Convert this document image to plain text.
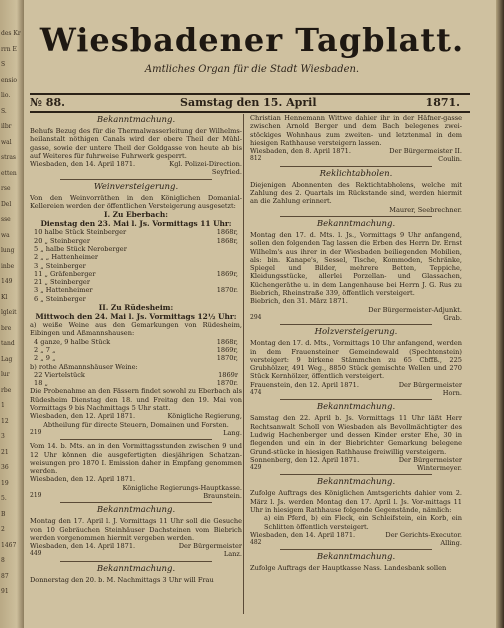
des Kr
rrn E
S
ensio
lio.
S.
ilbr
wal
stras
etten
rse
Del
sse
wa
lung
inbe
149
Kl
lgleit
bre
tand
Lag
lur
rbe
1
12
3
21
36
19
5.
B
2
1467
8
87
91
Wiesbadener Tagblatt.
Amtliches Organ für die Stadt Wiesbaden.
№ 88.	Samstag den 15. April	1871.
Bekanntmachung.

Behufs Bezug des für die Thermalwasserleitung der Wilhelms-heilanstalt nöthigen Canals wird der obere Theil der Mühl-gasse, sowie der untere Theil der Goldgasse von heute ab bis auf Weiteres für fuhrweise Fuhrwerk gesperrt.

Wiesbaden, den 14. April 1871.	Kgl. Polizei-Direction.
Seyfried.
Weinversteigerung.

Von den Weinvorräthen in den Königlichen Domanial-Kellereien werden der öffentlichen Versteigerung ausgesetzt:

I. Zu Eberbach:
Dienstag den 23. Mai l. Js. Vormittags 11 Uhr:
10 halbe Stück Steinberger	1868r,
20 „ Steinberger	1868r,
5 „ halbe Stück Neroberger
2 „ „ Hattenheimer
3 „ Steinberger
11 „ Gräfenberger	1869r,
21 „ Steinberger
3 „ Hattenheimer	1870r.
6 „ Steinberger
II. Zu Rüdesheim:
Mittwoch den 24. Mai l. Js. Vormittags 12½ Uhr:

a) weiße Weine aus den Gemarkungen von Rüdesheim, Eibingen und Aßmannshausen:

4 ganze, 9 halbe Stück	1868r,
2 „ 7 „	1869r,
2 „ 9 „	1870r,

b) rothe Aßmannshäuser Weine:

22 Viertelstück	1869r
18 „	1870r.

Die Probenahme an den Fässern findet sowohl zu Eberbach als Rüdesheim Dienstag den 18. und Freitag den 19. Mai von Vormittags 9 bis Nachmittags 5 Uhr statt.

Wiesbaden, den 12. April 1871.	Königliche Regierung,
Abtheilung für directe Steuern, Domainen und Forsten.
219	Lang.

Vom 14. b. Mts. an in den Vormittagsstunden zwischen 9 und 12 Uhr können die ausgefertigten diesjährigen Schatzan-weisungen pro 1870 I. Emission daher in Empfang genommen werden.

Wiesbaden, den 12. April 1871.
Königliche Regierungs-Hauptkasse.
219	Braunstein.
Bekanntmachung.

Montag den 17. April l. J. Vormittags 11 Uhr soll die Gesuche von 10 Gebräuchen Steinhäuser Dachsteinen vom Biebrich werden vorgenommen hiermit vergeben werden.

Wiesbaden, den 14. April 1871.	Der Bürgermeister
449	Lanz.
Bekanntmachung.

Donnerstag den 20. b. M. Nachmittags 3 Uhr will Frau

Christian Hennemann Wittwe dahier ihr in der Häfner-gasse zwischen Arnold Berger und dem Bach belegenes zwei-stöckiges Wohnhaus zum zweiten- und letztenmal in dem hiesigen Rathhause versteigern lassen.

Wiesbaden, den 8. April 1871.	Der Bürgermeister II.
812	Coulin.
Reklichtabholen.

Diejenigen Abonnenten des Rektichtabholens, welche mit Zahlung des 2. Quartals im Rückstande sind, werden hiermit an die Zahlung erinnert.

Maurer, Seebrechner.
Bekanntmachung.

Montag den 17. d. Mts. l. Js., Vormittags 9 Uhr anfangend, sollen den folgenden Tag lassen die Erben des Herrn Dr. Ernst Wilhelm's aus ihrer in der Wiesbaden beiliegenden Mobilien, als: bin. Kanape's, Sessel, Tische, Kommoden, Schränke, Spiegel und Bilder, mehrere Betten, Teppiche, Kleidungsstücke, allerlei Porzellan- und Glassachen, Küchengeräthe u. in dem Langenhause bei Herrn J. G. Rus zu Biebrich, Rheinstraße 339, öffentlich versteigert.

Biebrich, den 31. März 1871.
Der Bürgermeister-Adjunkt.
294	Grab.
Holzversteigerung.

Montag den 17. d. Mts., Vormittags 10 Uhr anfangend, werden in dem Frauensteiner Gemeindewald (Spechtenstein) versteigert: 9 birkene Stämmchen zu 65 Cbffß., 225 Grubhölzer, 491 Weg., 8850 Stück gemischte Wellen und 270 Stück Kernhölzer, öffentlich versteigert.

Frauenstein, den 12. April 1871.	Der Bürgermeister
474	Horn.
Bekanntmachung.

Samstag den 22. April b. Js. Vormittags 11 Uhr läßt Herr Rechtsanwalt Scholl von Wiesbaden als Bevollmächtigter des Ludwig Hachenberger und dessen Kinder erster Ehe, 30 in flegenden und ein in der Biebrichter Gemarkung belegene Grund-stücke in hiesigen Rathhause freiwillig versteigern.

Sonnenberg, den 12. April 1871.	Der Bürgermeister
429	Wintermeyer.
Bekanntmachung.

Zufolge Auftrags des Königlichen Amtsgerichts dahier vom 2. März l. Js. werden Montag den 17. April l. Js. Vor-mittags 11 Uhr in hiesigem Rathhause folgende Gegenstände, nämlich:

a) ein Pferd, b) ein Fleck, ein Schleifstein, ein Korb, ein Schlitten öffentlich versteigert.

Wiesbaden, den 14. April 1871.	Der Gerichts-Executor.
482	Alling.
Bekanntmachung.

Zufolge Auftrags der Hauptkasse Nass. Landesbank sollen
